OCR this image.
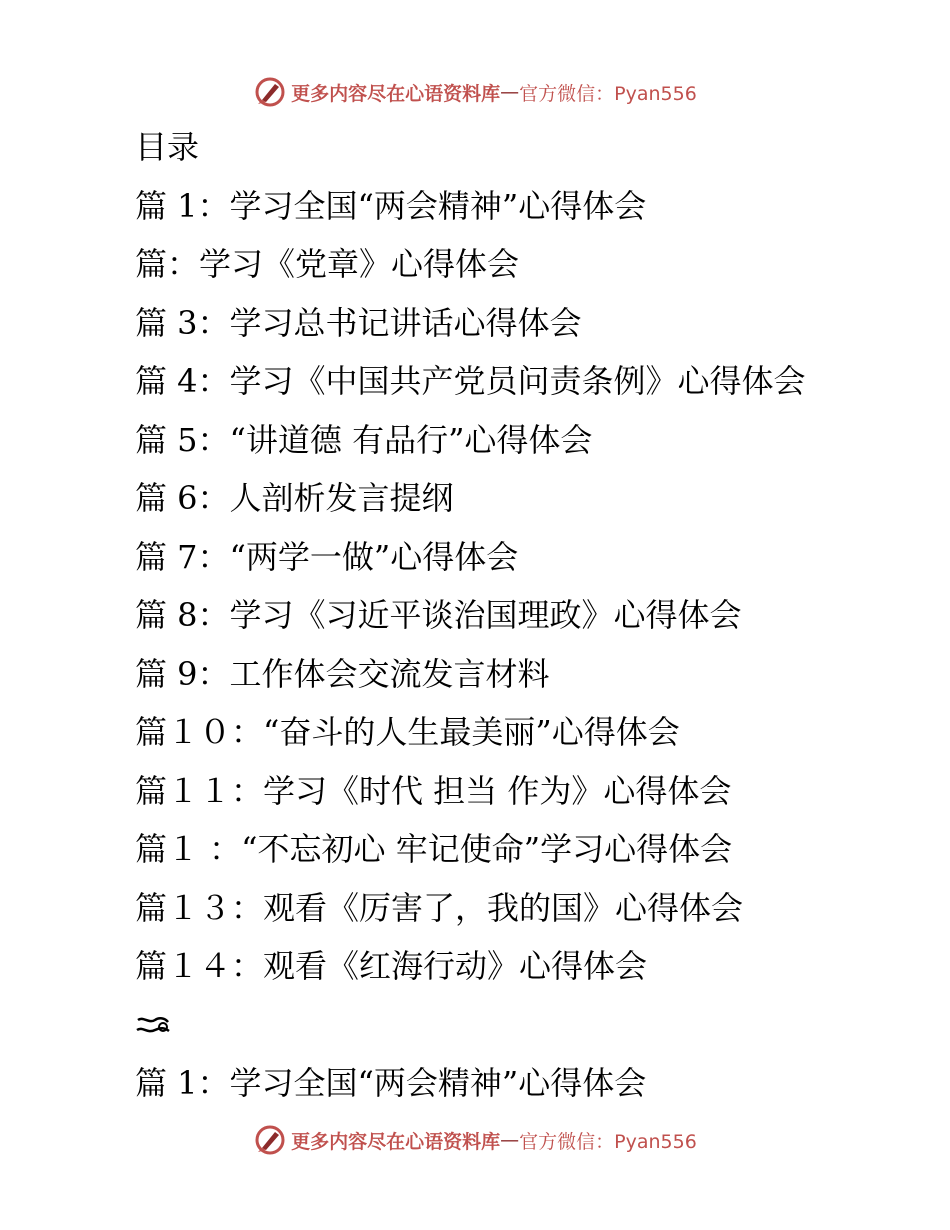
更多内容尽在心语资料库 — 官方微信：Pyan556
目录
篇 1：学习全国“两会精神”心得体会
篇：学习《党章》心得体会
篇 3：学习总书记讲话心得体会
篇 4：学习《中国共产党员问责条例》心得体会
篇 5：“讲道德 有品行”心得体会
篇 6：人剖析发言提纲
篇 7：“两学一做”心得体会
篇 8：学习《习近平谈治国理政》心得体会
篇 9：工作体会交流发言材料
篇１０：“奋斗的人生最美丽”心得体会
篇１１：学习《时代 担当 作为》心得体会
篇１ ：“不忘初心 牢记使命”学习心得体会
篇１３：观看《厉害了，我的国》心得体会
篇１４：观看《红海行动》心得体会
篇 1：学习全国“两会精神”心得体会
更多内容尽在心语资料库 — 官方微信：Pyan556
